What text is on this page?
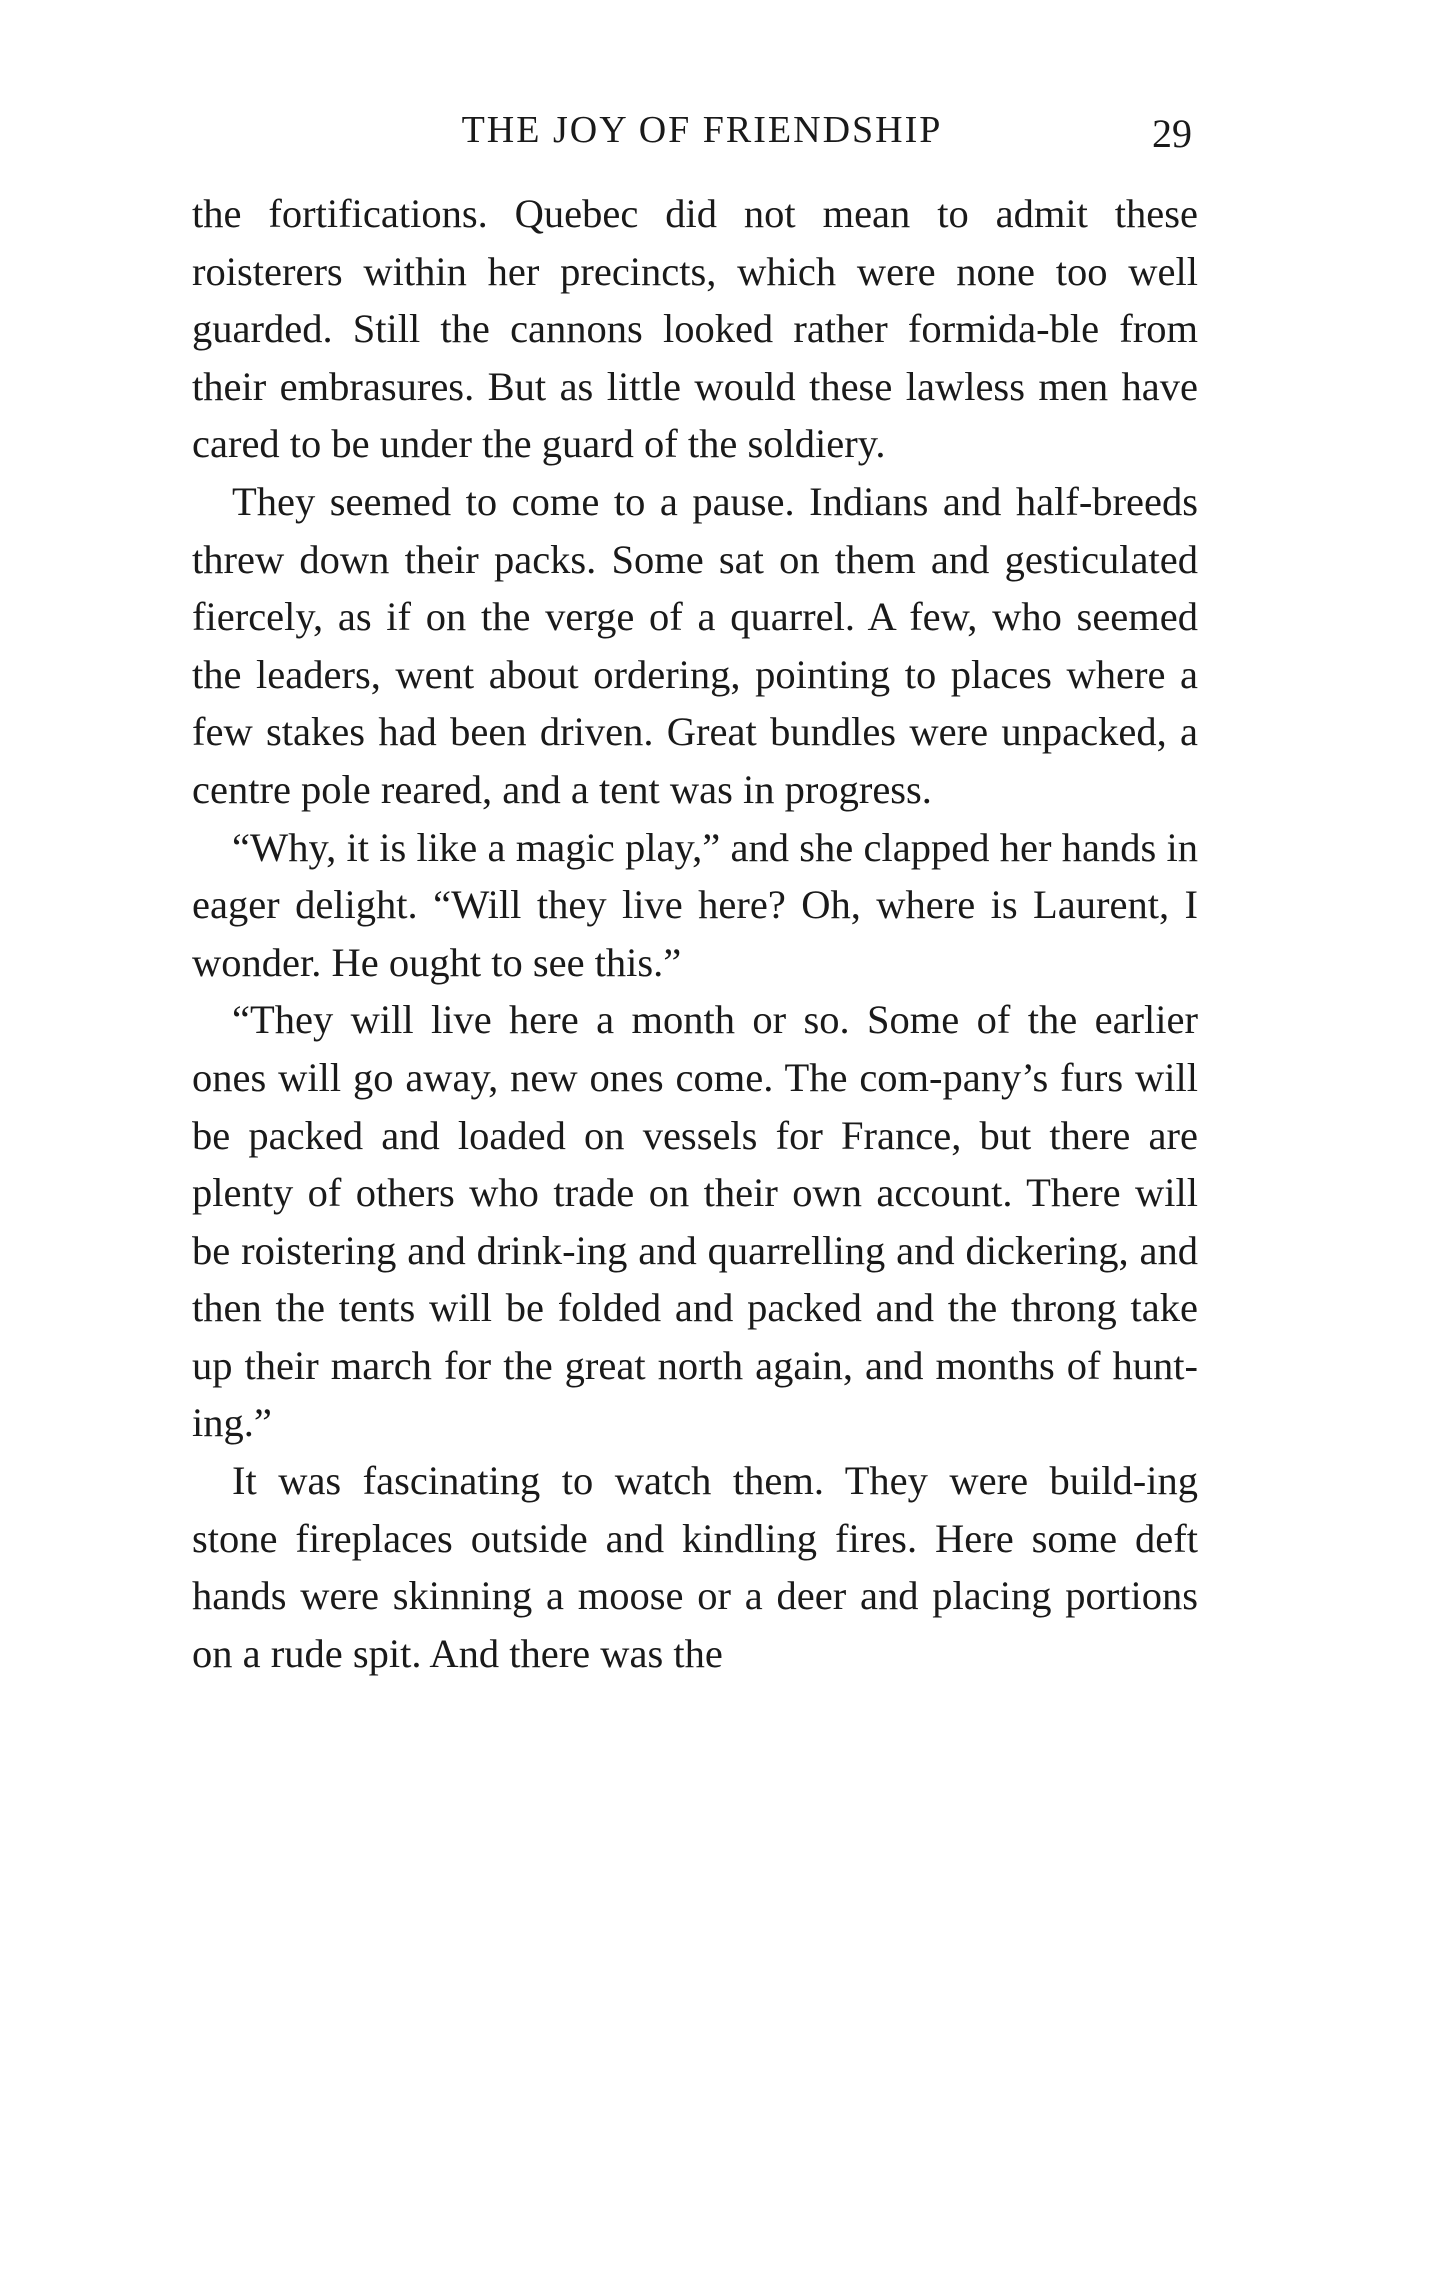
THE JOY OF FRIENDSHIP	29

the fortifications. Quebec did not mean to admit these roisterers within her precincts, which were none too well guarded. Still the cannons looked rather formida-ble from their embrasures. But as little would these lawless men have cared to be under the guard of the soldiery.

They seemed to come to a pause. Indians and half-breeds threw down their packs. Some sat on them and gesticulated fiercely, as if on the verge of a quarrel. A few, who seemed the leaders, went about ordering, pointing to places where a few stakes had been driven. Great bundles were unpacked, a centre pole reared, and a tent was in progress.

“Why, it is like a magic play,” and she clapped her hands in eager delight. “Will they live here? Oh, where is Laurent, I wonder. He ought to see this.”

“They will live here a month or so. Some of the earlier ones will go away, new ones come. The com-pany’s furs will be packed and loaded on vessels for France, but there are plenty of others who trade on their own account. There will be roistering and drink-ing and quarrelling and dickering, and then the tents will be folded and packed and the throng take up their march for the great north again, and months of hunt-ing.”

It was fascinating to watch them. They were build-ing stone fireplaces outside and kindling fires. Here some deft hands were skinning a moose or a deer and placing portions on a rude spit. And there was the
